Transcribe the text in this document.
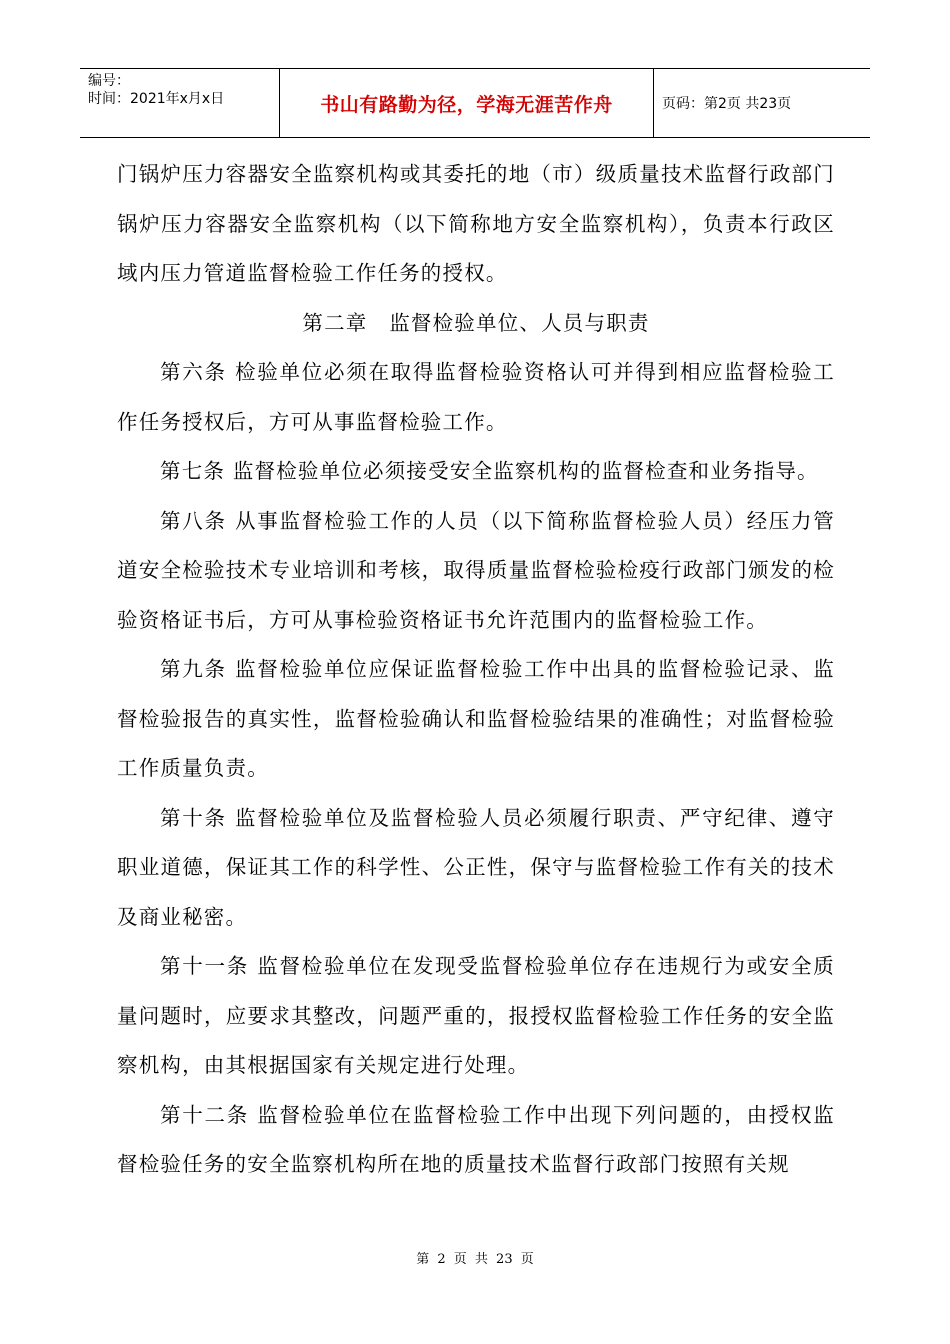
编号：
时间：2021年x月x日	书山有路勤为径，学海无涯苦作舟	页码：第2页 共23页

门锅炉压力容器安全监察机构或其委托的地（市）级质量技术监督行政部门锅炉压力容器安全监察机构（以下简称地方安全监察机构），负责本行政区域内压力管道监督检验工作任务的授权。

第二章　监督检验单位、人员与职责

第六条 检验单位必须在取得监督检验资格认可并得到相应监督检验工作任务授权后，方可从事监督检验工作。

第七条 监督检验单位必须接受安全监察机构的监督检查和业务指导。

第八条 从事监督检验工作的人员（以下简称监督检验人员）经压力管道安全检验技术专业培训和考核，取得质量监督检验检疫行政部门颁发的检验资格证书后，方可从事检验资格证书允许范围内的监督检验工作。

第九条 监督检验单位应保证监督检验工作中出具的监督检验记录、监督检验报告的真实性，监督检验确认和监督检验结果的准确性；对监督检验工作质量负责。

第十条 监督检验单位及监督检验人员必须履行职责、严守纪律、遵守职业道德，保证其工作的科学性、公正性，保守与监督检验工作有关的技术及商业秘密。

第十一条 监督检验单位在发现受监督检验单位存在违规行为或安全质量问题时，应要求其整改，问题严重的，报授权监督检验工作任务的安全监察机构，由其根据国家有关规定进行处理。

第十二条 监督检验单位在监督检验工作中出现下列问题的，由授权监督检验任务的安全监察机构所在地的质量技术监督行政部门按照有关规

第 2 页 共 23 页
